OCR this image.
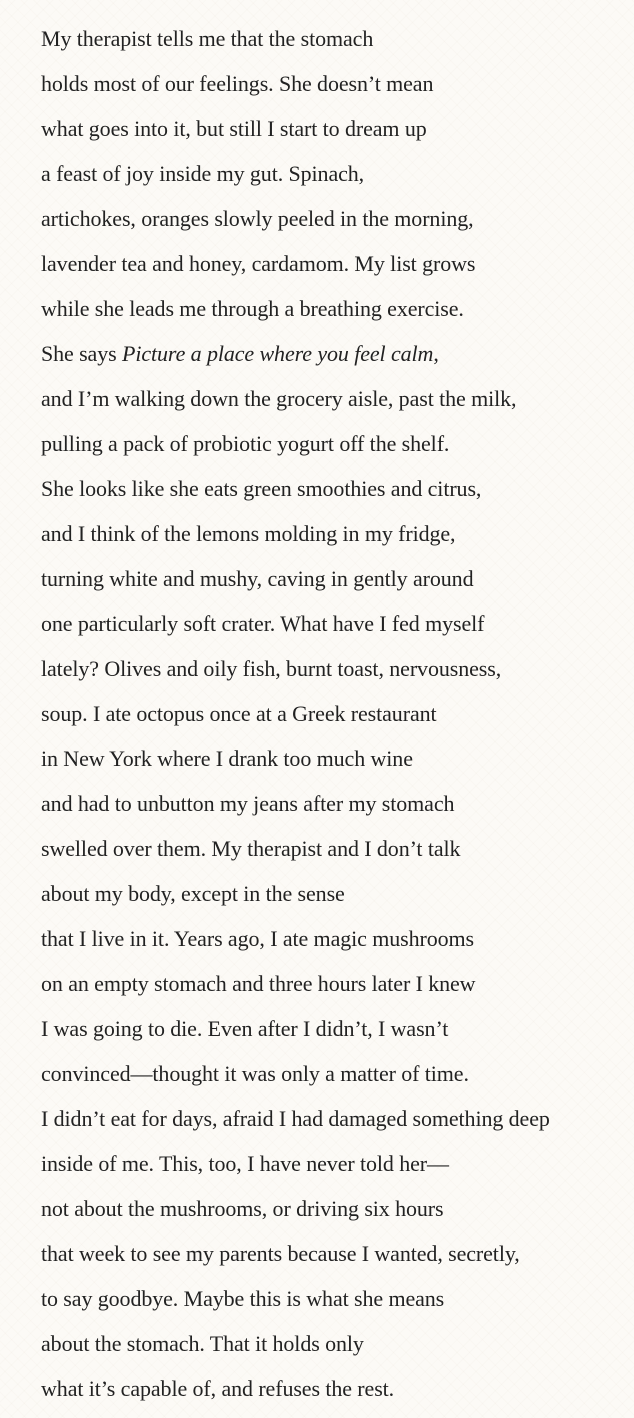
My therapist tells me that the stomach
holds most of our feelings. She doesn’t mean
what goes into it, but still I start to dream up
a feast of joy inside my gut. Spinach,
artichokes, oranges slowly peeled in the morning,
lavender tea and honey, cardamom. My list grows
while she leads me through a breathing exercise.
She says Picture a place where you feel calm,
and I’m walking down the grocery aisle, past the milk,
pulling a pack of probiotic yogurt off the shelf.
She looks like she eats green smoothies and citrus,
and I think of the lemons molding in my fridge,
turning white and mushy, caving in gently around
one particularly soft crater. What have I fed myself
lately? Olives and oily fish, burnt toast, nervousness,
soup. I ate octopus once at a Greek restaurant
in New York where I drank too much wine
and had to unbutton my jeans after my stomach
swelled over them. My therapist and I don’t talk
about my body, except in the sense
that I live in it. Years ago, I ate magic mushrooms
on an empty stomach and three hours later I knew
I was going to die. Even after I didn’t, I wasn’t
convinced—thought it was only a matter of time.
I didn’t eat for days, afraid I had damaged something deep
inside of me. This, too, I have never told her—
not about the mushrooms, or driving six hours
that week to see my parents because I wanted, secretly,
to say goodbye. Maybe this is what she means
about the stomach. That it holds only
what it’s capable of, and refuses the rest.
